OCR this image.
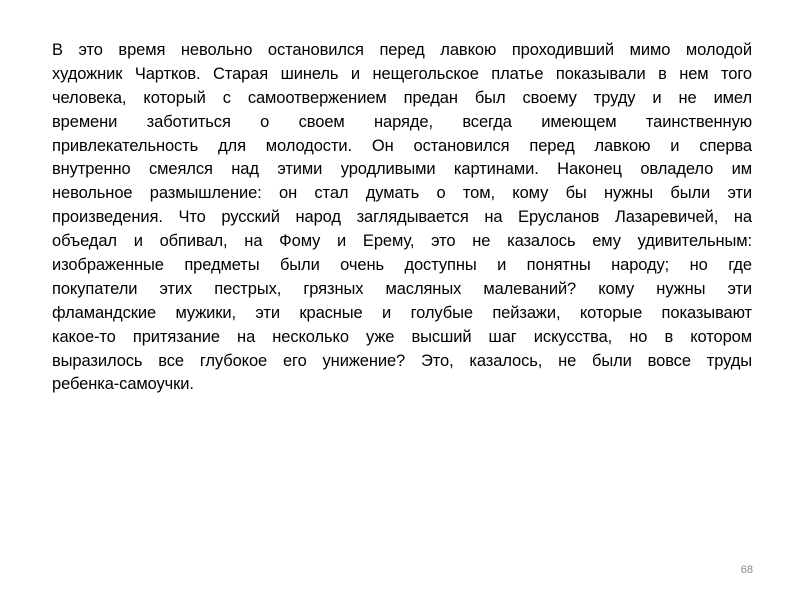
В это время невольно остановился перед лавкою проходивший мимо молодой
художник Чартков. Старая шинель и нещегольское платье показывали в нем того
человека, который с самоотвержением предан был своему труду и не имел
времени заботиться о своем наряде, всегда имеющем таинственную
привлекательность для молодости. Он остановился перед лавкою и сперва
внутренно смеялся над этими уродливыми картинами. Наконец овладело им
невольное размышление: он стал думать о том, кому бы нужны были эти
произведения. Что русский народ заглядывается на Ерусланов Лазаревичей, на
объедал и обпивал, на Фому и Ерему, это не казалось ему удивительным:
изображенные предметы были очень доступны и понятны народу; но где
покупатели этих пестрых, грязных масляных малеваний? кому нужны эти
фламандские мужики, эти красные и голубые пейзажи, которые показывают
какое-то притязание на несколько уже высший шаг искусства, но в котором
выразилось все глубокое его унижение? Это, казалось, не были вовсе труды
ребенка-самоучки.
68
